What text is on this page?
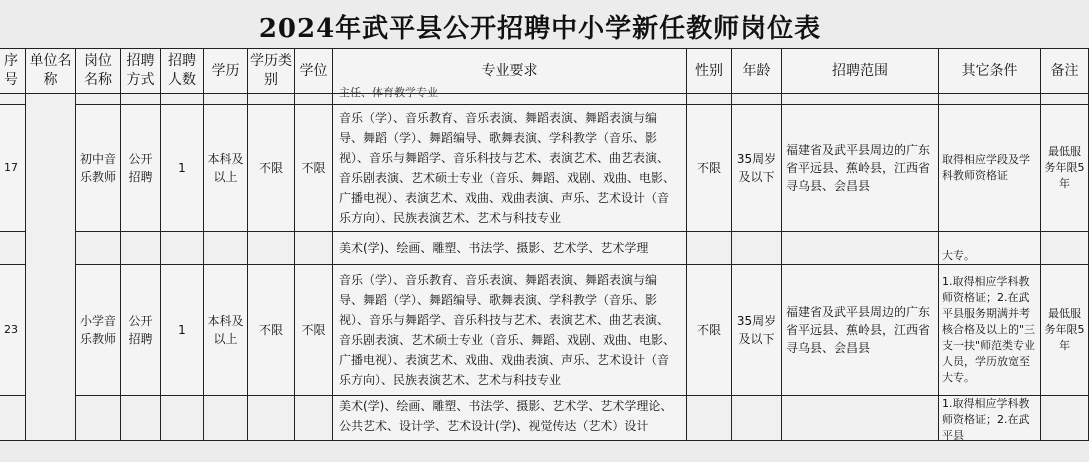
2024年武平县公开招聘中小学新任教师岗位表
序号	单位名称	岗位名称	招聘方式	招聘人数	学历	学历类别	学位	专业要求	性别	年龄	招聘范围	其它条件	备注

								主任、体育教学专业					

17		初中音乐教师	公开招聘	1	本科及以上	不限	不限	音乐（学）、音乐教育、音乐表演、舞蹈表演、舞蹈表演与编导、舞蹈（学）、舞蹈编导、歌舞表演、学科教学（音乐、影视）、音乐与舞蹈学、音乐科技与艺术、表演艺术、曲艺表演、音乐剧表演、艺术硕士专业（音乐、舞蹈、戏剧、戏曲、电影、广播电视）、表演艺术、戏曲、戏曲表演、声乐、艺术设计（音乐方向）、民族表演艺术、艺术与科技专业	不限	35周岁及以下	福建省及武平县周边的广东省平远县、蕉岭县，江西省寻乌县、会昌县	取得相应学段及学科教师资格证	最低服务年限5年
								美术(学)、绘画、雕塑、书法学、摄影、艺术学、艺术学理				大专。	
23		小学音乐教师	公开招聘	1	本科及以上	不限	不限	音乐（学）、音乐教育、音乐表演、舞蹈表演、舞蹈表演与编导、舞蹈（学）、舞蹈编导、歌舞表演、学科教学（音乐、影视）、音乐与舞蹈学、音乐科技与艺术、表演艺术、曲艺表演、音乐剧表演、艺术硕士专业（音乐、舞蹈、戏剧、戏曲、电影、广播电视）、表演艺术、戏曲、戏曲表演、声乐、艺术设计（音乐方向）、民族表演艺术、艺术与科技专业	不限	35周岁及以下	福建省及武平县周边的广东省平远县、蕉岭县，江西省寻乌县、会昌县	1.取得相应学科教师资格证；2.在武平县服务期满并考核合格及以上的"三支一扶"师范类专业人员，学历放宽至大专。	最低服务年限5年

								美术(学)、绘画、雕塑、书法学、摄影、艺术学、艺术学理论、公共艺术、设计学、艺术设计(学)、视觉传达（艺术）设计				1.取得相应学科教师资格证；2.在武平县	
